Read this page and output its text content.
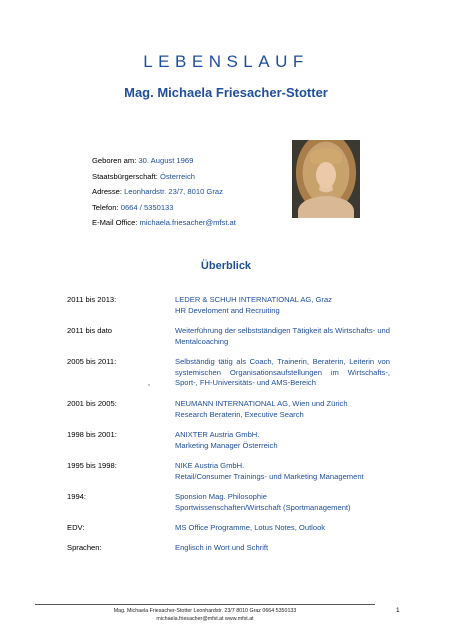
LEBENSLAUF
Mag. Michaela Friesacher-Stotter
Geboren am: 30. August 1969
Staatsbürgerschaft: Österreich
Adresse: Leonhardstr. 23/7, 8010 Graz
Telefon: 0664 / 5350133
E-Mail Office: michaela.friesacher@mfst.at
Überblick
2011 bis 2013:	LEDER & SCHUH INTERNATIONAL AG, Graz
HR Develoment and Recruiting
2011 bis dato	Weiterführung der selbstständigen Tätigkeit als Wirtschafts- und Mentalcoaching
2005 bis 2011:	Selbständig tätig als Coach, Trainerin, Beraterin, Leiterin von systemischen Organisationsaufstellungen im Wirtschafts-, Sport-, FH-Universitäts- und AMS-Bereich
2001 bis 2005:	NEUMANN INTERNATIONAL AG, Wien und Zürich
Research Beraterin, Executive Search
1998 bis 2001:	ANIXTER Austria GmbH.
Marketing Manager Österreich
1995 bis 1998:	NIKE Austria GmbH.
Retail/Consumer Trainings- und Marketing Management
1994:	Sponsion Mag. Philosophie
Sportwissenschaften/Wirtschaft (Sportmanagement)
EDV:	MS Office Programme, Lotus Notes, Outlook
Sprachen:	Englisch in Wort und Schrift
,
Mag. Michaela Friesacher-Stotter Leonhardstr. 23/7 8010 Graz 0664 5350133
michaela.friesacher@mfst.at www.mfst.at
1
